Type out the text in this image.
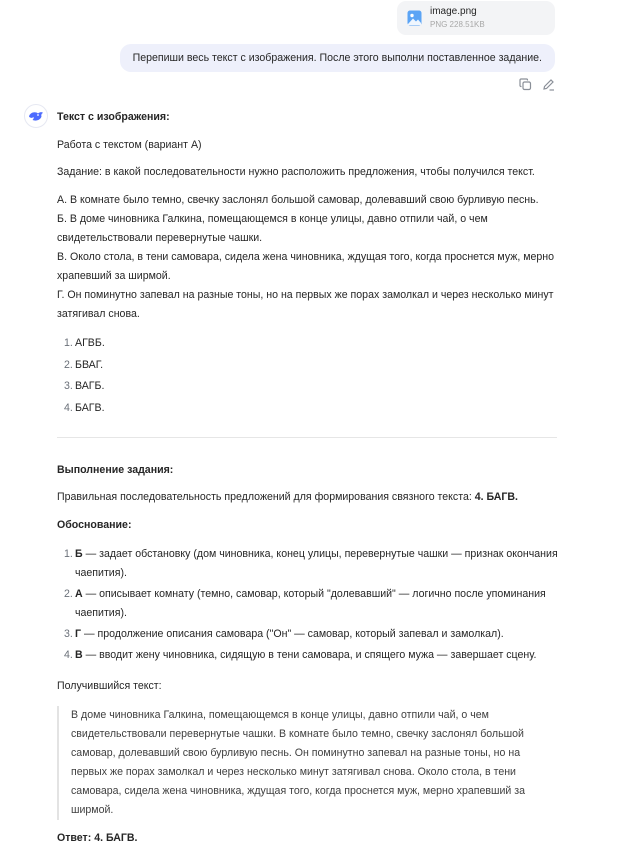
image.png
PNG 228.51KB
Перепиши весь текст с изображения. После этого выполни поставленное задание.

Текст с изображения:

Работа с текстом (вариант А)

Задание: в какой последовательности нужно расположить предложения, чтобы получился текст.

А. В комнате было темно, свечку заслонял большой самовар, долевавший свою бурливую песнь.

Б. В доме чиновника Галкина, помещающемся в конце улицы, давно отпили чай, о чем свидетельствовали перевернутые чашки.

В. Около стола, в тени самовара, сидела жена чиновника, ждущая того, когда проснется муж, мерно храпевший за ширмой.

Г. Он поминутно запевал на разные тоны, но на первых же порах замолкал и через несколько минут затягивал снова.

АГВБ.
БВАГ.
ВАГБ.
БАГВ.

Выполнение задания:

Правильная последовательность предложений для формирования связного текста: 4. БАГВ.

Обоснование:

Б — задает обстановку (дом чиновника, конец улицы, перевернутые чашки — признак окончания чаепития).
А — описывает комнату (темно, самовар, который "долевавший" — логично после упоминания чаепития).
Г — продолжение описания самовара ("Он" — самовар, который запевал и замолкал).
В — вводит жену чиновника, сидящую в тени самовара, и спящего мужа — завершает сцену.

Получившийся текст:

В доме чиновника Галкина, помещающемся в конце улицы, давно отпили чай, о чем свидетельствовали перевернутые чашки. В комнате было темно, свечку заслонял большой самовар, долевавший свою бурливую песнь. Он поминутно запевал на разные тоны, но на первых же порах замолкал и через несколько минут затягивал снова. Около стола, в тени самовара, сидела жена чиновника, ждущая того, когда проснется муж, мерно храпевший за ширмой.

Ответ: 4. БАГВ.
